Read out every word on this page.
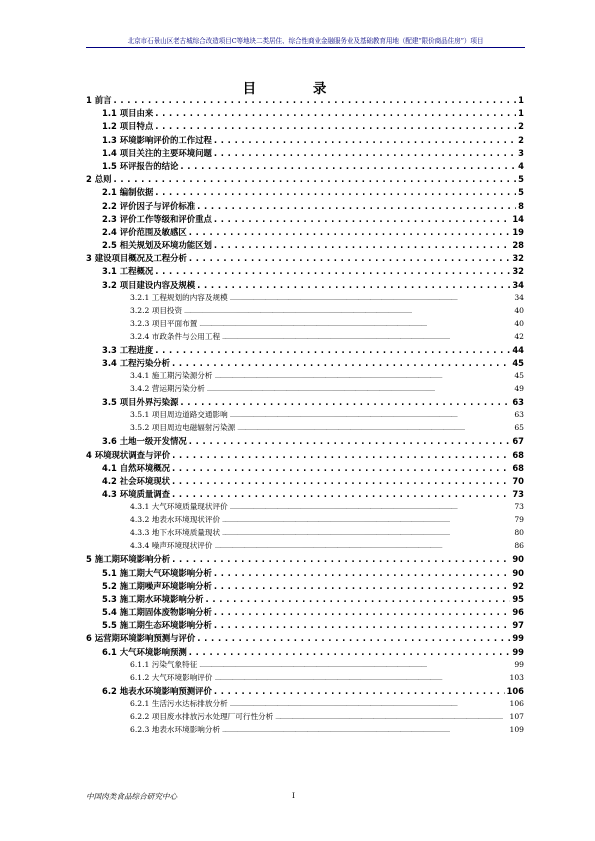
北京市石景山区老古城综合改造项目C等地块二类居住、综合性商业金融服务业及基础教育用地（配建“限价商品住房”）项目
目 录
1 前言 . . .	1
1.1 项目由来 . . .	1
1.2 项目特点 . . .	2
1.3 环境影响评价的工作过程 . . .	2
1.4 项目关注的主要环境问题 . . .	3
1.5 环评报告的结论 . . .	4
2 总则 . . .	5
2.1 编制依据 . . .	5
2.2 评价因子与评价标准 . . .	8
2.3 评价工作等级和评价重点 . . .	14
2.4 评价范围及敏感区 . . .	19
2.5 相关规划及环境功能区划 . . .	28
3 建设项目概况及工程分析 . . .	32
3.1 工程概况 . . .	32
3.2 项目建设内容及规模 . . .	34
3.2.1 工程规划的内容及规模 .....	34
3.2.2 项目投资 .....	40
3.2.3 项目平面布置 .....	40
3.2.4 市政条件与公用工程 .....	42
3.3 工程进度 . . .	44
3.4 工程污染分析 . . .	45
3.4.1 施工期污染源分析 .....	45
3.4.2 营运期污染分析 .....	49
3.5 项目外界污染源 . . .	63
3.5.1 项目周边道路交通影响 .....	63
3.5.2 项目周边电磁辐射污染源 .....	65
3.6 土地一级开发情况 . . .	67
4 环境现状调查与评价 . . .	68
4.1 自然环境概况 . . .	68
4.2 社会环境现状 . . .	70
4.3 环境质量调查 . . .	73
4.3.1 大气环境质量现状评价 .....	73
4.3.2 地表水环境现状评价 .....	79
4.3.3 地下水环境质量现状 .....	80
4.3.4 噪声环境现状评价 .....	86
5 施工期环境影响分析 . . .	90
5.1 施工期大气环境影响分析 . . .	90
5.2 施工期噪声环境影响分析 . . .	92
5.3 施工期水环境影响分析 . . .	95
5.4 施工期固体废物影响分析 . . .	96
5.5 施工期生态环境影响分析 . . .	97
6 运营期环境影响预测与评价 . . .	99
6.1 大气环境影响预测 . . .	99
6.1.1 污染气象特征 .....	99
6.1.2 大气环境影响评价 .....	103
6.2 地表水环境影响预测评价 . . .	106
6.2.1 生活污水达标排放分析 .....	106
6.2.2 项目废水排放污水处理厂可行性分析 .....	107
6.2.3 地表水环境影响分析 .....	109
中国肉类食品综合研究中心	I
